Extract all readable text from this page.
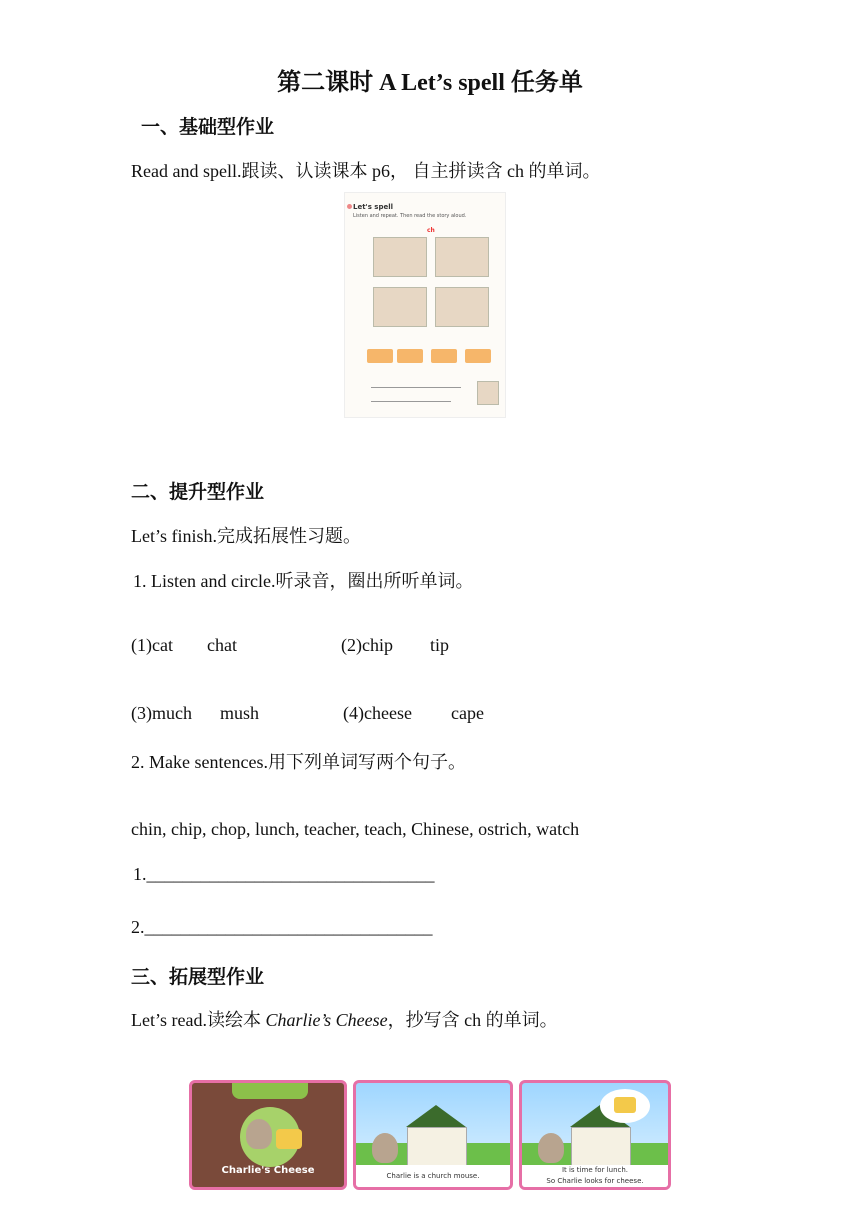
第二课时 A Let’s spell 任务单
一、基础型作业
Read and spell.跟读、认读课本 p6， 自主拼读含 ch 的单词。
Let's spell
Listen and repeat. Then read the story aloud.
ch
二、提升型作业
Let’s finish.完成拓展性习题。
1. Listen and circle.听录音，圈出所听单词。
(1)cat chat	(2)chip tip
(3)much mush	(4)cheese cape
2. Make sentences.用下列单词写两个句子。
chin, chip, chop, lunch, teacher, teach, Chinese, ostrich, watch
1.________________________________
2.________________________________
三、拓展型作业
Let’s read.读绘本 Charlie’s Cheese，抄写含 ch 的单词。
Charlie's Cheese	Charlie is a church mouse.
It is time for lunch.
So Charlie looks for cheese.
